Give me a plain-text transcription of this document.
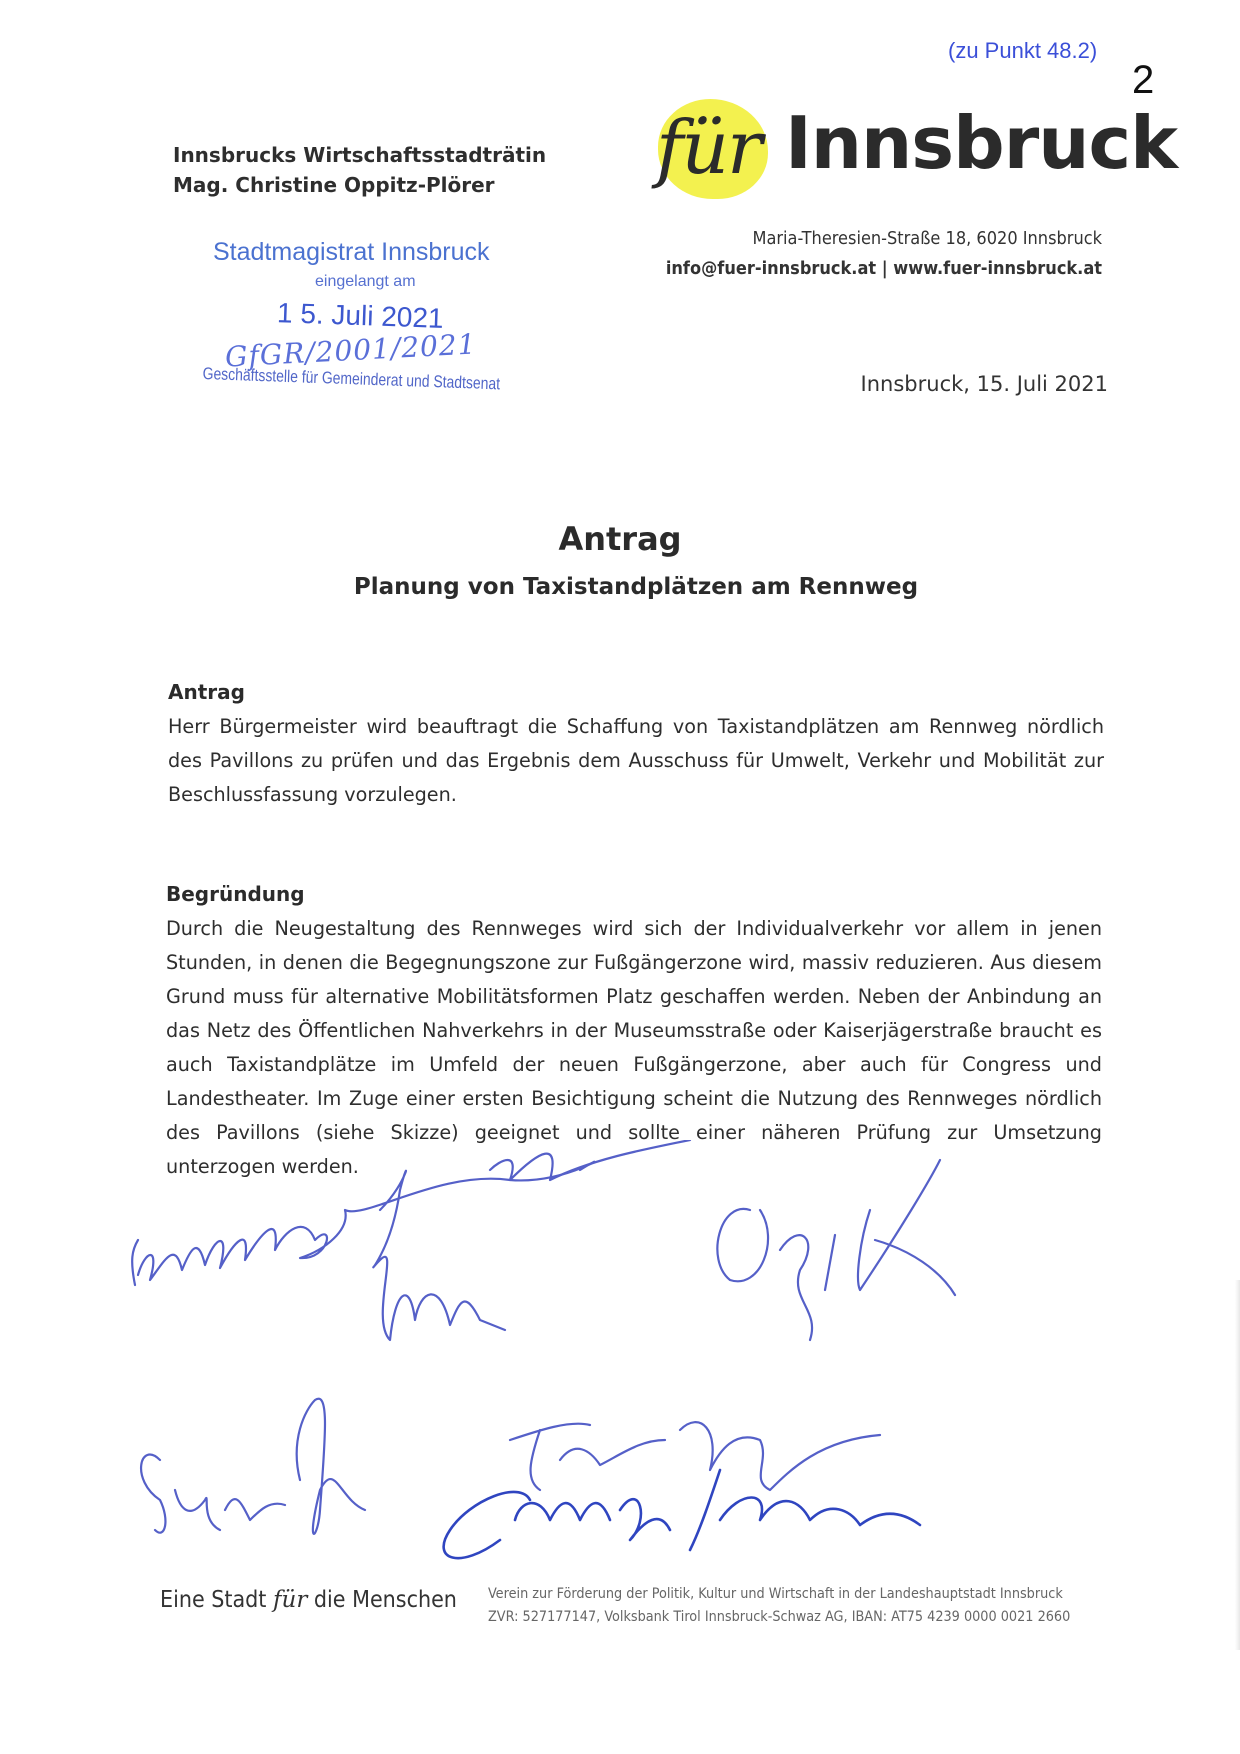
(zu Punkt 48.2)
2
Innsbrucks Wirtschaftsstadträtin
Mag. Christine Oppitz-Plörer	für Innsbruck
Maria-Theresien-Straße 18, 6020 Innsbruck
info@fuer-innsbruck.at | www.fuer-innsbruck.at
Stadtmagistrat Innsbruck
eingelangt am
1 5. Juli 2021
GfGR/2001/2021
Geschäftsstelle für Gemeinderat und Stadtsenat	Innsbruck, 15. Juli 2021
Antrag
Planung von Taxistandplätzen am Rennweg
Antrag
Herr Bürgermeister wird beauftragt die Schaffung von Taxistandplätzen am Rennweg nördlich des Pavillons zu prüfen und das Ergebnis dem Ausschuss für Umwelt, Verkehr und Mobilität zur Beschlussfassung vorzulegen.
Begründung
Durch die Neugestaltung des Rennweges wird sich der Individualverkehr vor allem in jenen Stunden, in denen die Begegnungszone zur Fußgängerzone wird, massiv reduzieren. Aus diesem Grund muss für alternative Mobilitätsformen Platz geschaffen werden. Neben der Anbindung an das Netz des Öffentlichen Nahverkehrs in der Museumsstraße oder Kaiserjägerstraße braucht es auch Taxistandplätze im Umfeld der neuen Fußgängerzone, aber auch für Congress und Landestheater. Im Zuge einer ersten Besichtigung scheint die Nutzung des Rennweges nördlich des Pavillons (siehe Skizze) geeignet und sollte einer näheren Prüfung zur Umsetzung unterzogen werden.
Eine Stadt für die Menschen Verein zur Förderung der Politik, Kultur und Wirtschaft in der Landeshauptstadt Innsbruck
ZVR: 527177147, Volksbank Tirol Innsbruck-Schwaz AG, IBAN: AT75 4239 0000 0021 2660
